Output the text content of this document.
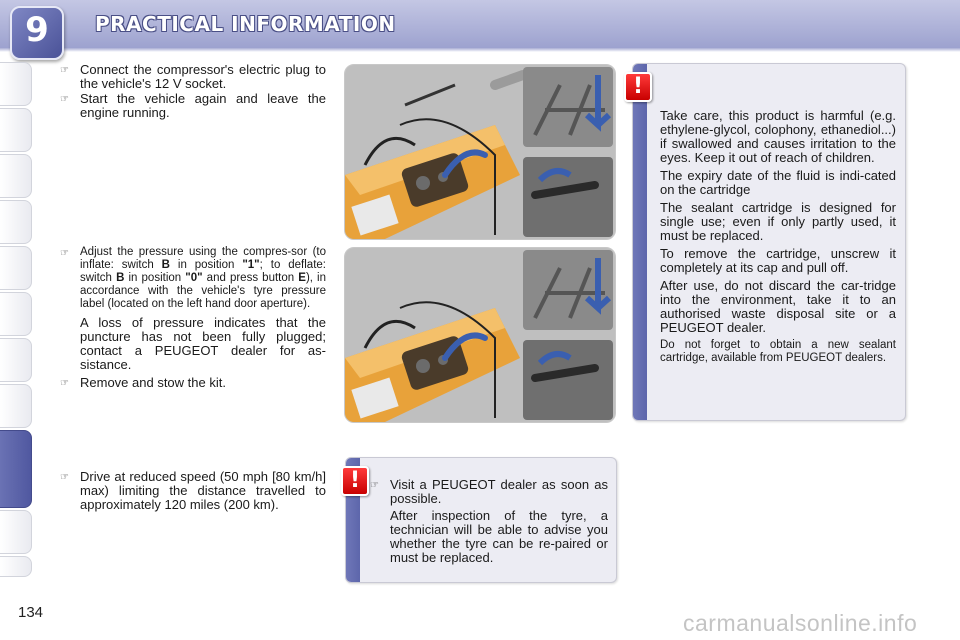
9	PRACTICAL INFORMATION
☞ Connect the compressor's electric plug to the vehicle's 12 V socket.
☞ Start the vehicle again and leave the engine running.
☞ Adjust the pressure using the compres-sor (to inflate: switch B in position "1"; to deflate: switch B in position "0" and press button E), in accordance with the vehicle's tyre pressure label (located on the left hand door aperture).
A loss of pressure indicates that the puncture has not been fully plugged; contact a PEUGEOT dealer for as-sistance.
☞ Remove and stow the kit.
☞ Drive at reduced speed (50 mph [80 km/h] max) limiting the distance travelled to approximately 120 miles (200 km).

Take care, this product is harmful (e.g. ethylene-glycol, colophony, ethanediol...) if swallowed and causes irritation to the eyes. Keep it out of reach of children.

The expiry date of the fluid is indi-cated on the cartridge

The sealant cartridge is designed for single use; even if only partly used, it must be replaced.

To remove the cartridge, unscrew it completely at its cap and pull off.

After use, do not discard the car-tridge into the environment, take it to an authorised waste disposal site or a PEUGEOT dealer.

Do not forget to obtain a new sealant cartridge, available from PEUGEOT dealers.

!
☞ Visit a PEUGEOT dealer as soon as possible.
After inspection of the tyre, a technician will be able to advise you whether the tyre can be re-paired or must be replaced.
!
134	carmanualsonline.info
